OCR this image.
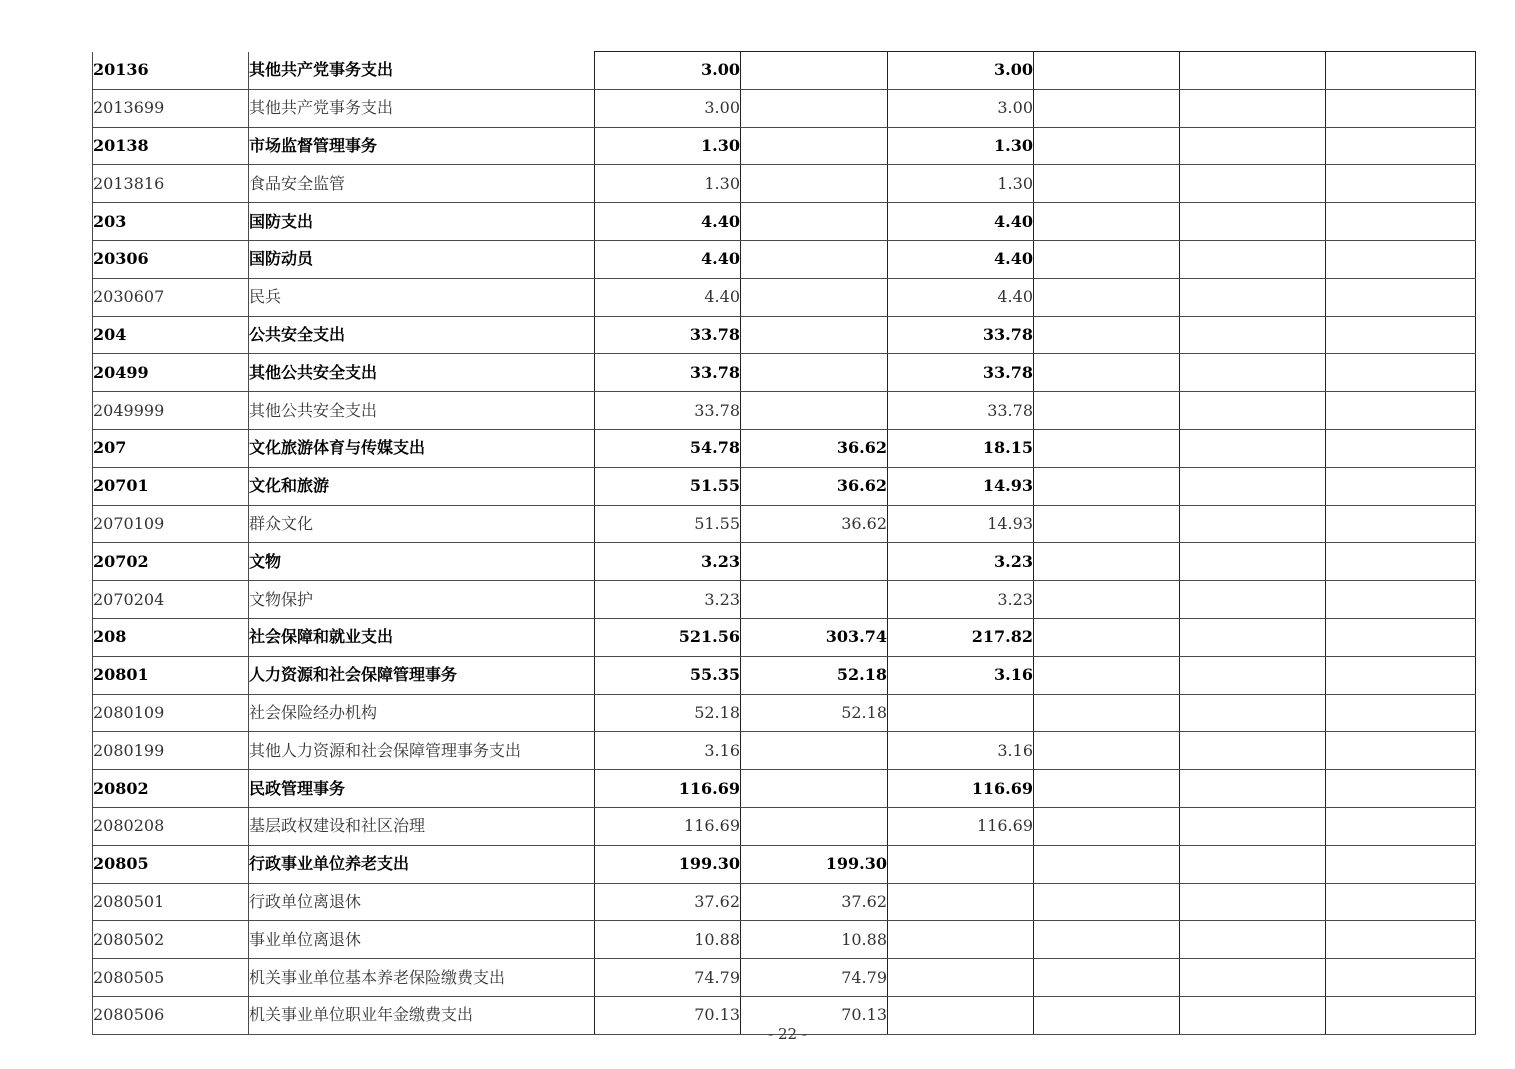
20136	其他共产党事务支出	3.00		3.00			
2013699	其他共产党事务支出	3.00		3.00			
20138	市场监督管理事务	1.30		1.30			
2013816	食品安全监管	1.30		1.30			
203	国防支出	4.40		4.40			
20306	国防动员	4.40		4.40			
2030607	民兵	4.40		4.40			
204	公共安全支出	33.78		33.78			
20499	其他公共安全支出	33.78		33.78			
2049999	其他公共安全支出	33.78		33.78			
207	文化旅游体育与传媒支出	54.78	36.62	18.15			
20701	文化和旅游	51.55	36.62	14.93			
2070109	群众文化	51.55	36.62	14.93			
20702	文物	3.23		3.23			
2070204	文物保护	3.23		3.23			
208	社会保障和就业支出	521.56	303.74	217.82			
20801	人力资源和社会保障管理事务	55.35	52.18	3.16			
2080109	社会保险经办机构	52.18	52.18				
2080199	其他人力资源和社会保障管理事务支出	3.16		3.16			
20802	民政管理事务	116.69		116.69			
2080208	基层政权建设和社区治理	116.69		116.69			
20805	行政事业单位养老支出	199.30	199.30				
2080501	行政单位离退休	37.62	37.62				
2080502	事业单位离退休	10.88	10.88				
2080505	机关事业单位基本养老保险缴费支出	74.79	74.79				
2080506	机关事业单位职业年金缴费支出	70.13	70.13				
- 22 -
